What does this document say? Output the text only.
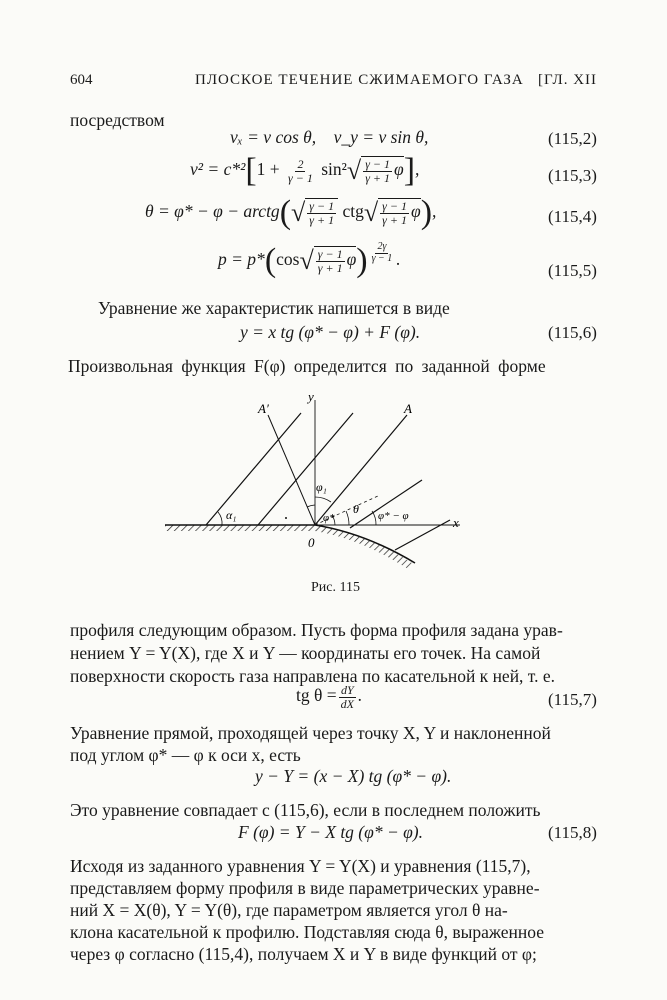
604	ПЛОСКОЕ ТЕЧЕНИЕ СЖИМАЕМОГО ГАЗА [ГЛ. XII
посредством
vₓ = v cos θ, v_y = v sin θ,	(115,2)
$v^2 = c*^2[1 + \frac{2}{\gamma - 1} \sin^2√ \frac{\gamma - 1}{\gamma + 1} \varphi]$,	(115,3)
θ = φ* − φ − arctg(√ $\frac{\gamma - 1}{\gamma + 1} ctg√ \frac{\gamma - 1}{\gamma + 1} \varphi$),	(115,4)
$p = p*(\cos√ \frac{\gamma - 1}{\gamma + 1} \varphi) \frac{2\gamma}{\gamma - 1}$ .
(115,5)
Уравнение же характеристик напишется в виде
y = x tg (φ* − φ) + F (φ).	(115,6)
Произвольная функция F(φ) определится по заданной форме
y
x
A
A′
α₁
φ₁
φ*
θ φ* − φ
0
Рис. 115
профиля следующим образом. Пусть форма профиля задана урав-
нением Y = Y(X), где X и Y — координаты его точек. На самой
поверхности скорость газа направлена по касательной к ней, т. е.
tg $\theta = \frac{dY}{dX}$ .	(115,7)
Уравнение прямой, проходящей через точку X, Y и наклоненной
под углом φ* — φ к оси x, есть
y − Y = (x − X) tg (φ* − φ).
Это уравнение совпадает с (115,6), если в последнем положить
F (φ) = Y − X tg (φ* − φ).	(115,8)
Исходя из заданного уравнения Y = Y(X) и уравнения (115,7),
представляем форму профиля в виде параметрических уравне-
ний X = X(θ), Y = Y(θ), где параметром является угол θ на-
клона касательной к профилю. Подставляя сюда θ, выраженное
через φ согласно (115,4), получаем X и Y в виде функций от φ;
